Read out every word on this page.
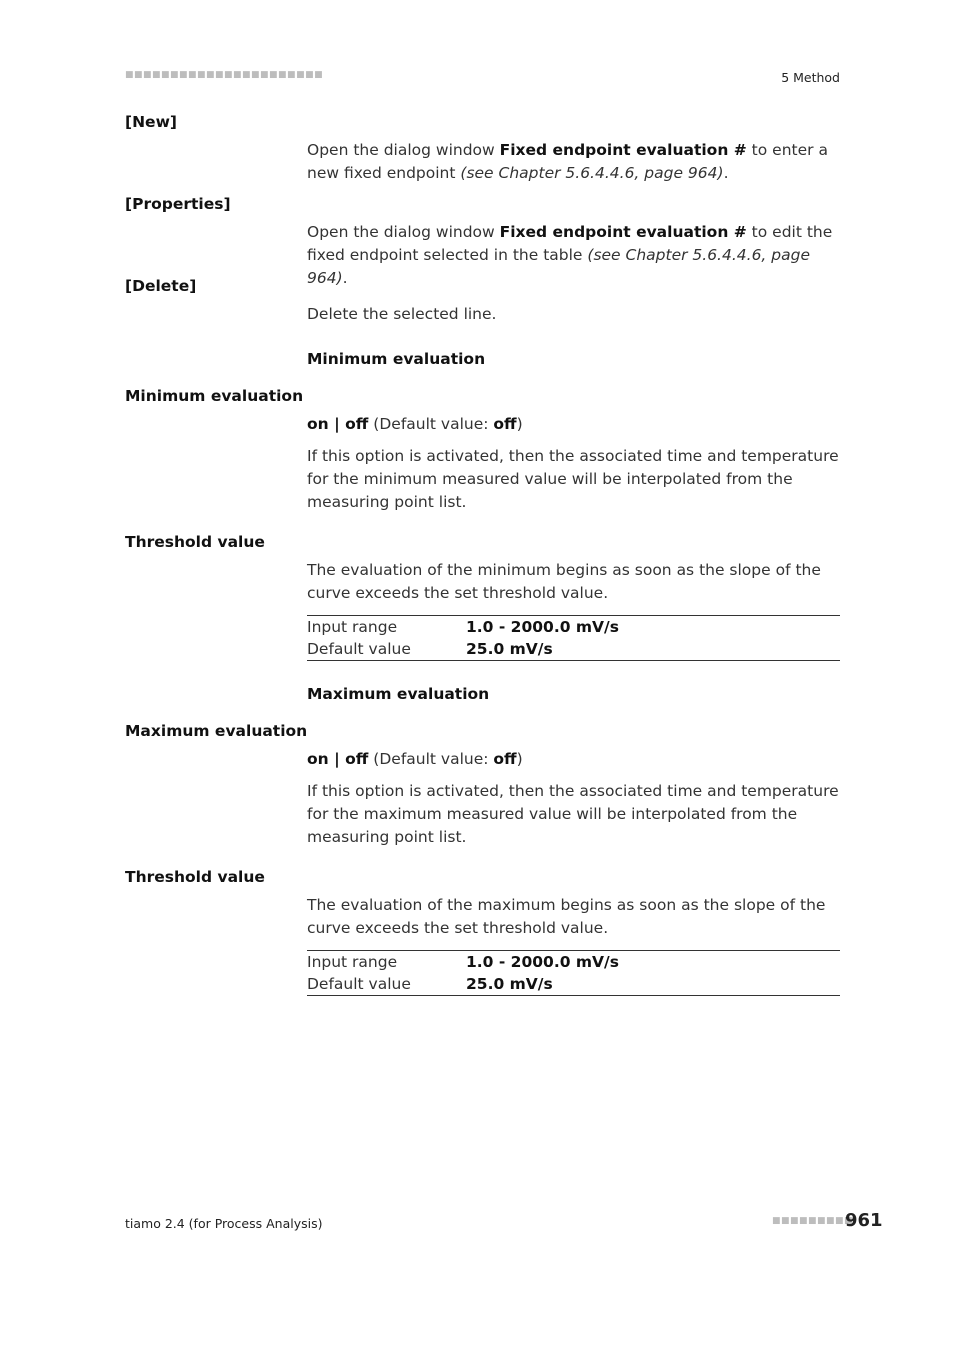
■■■■■■■■■■■■■■■■■■■■■■	5 Method
[New]
Open the dialog window Fixed endpoint evaluation # to enter a new fixed endpoint (see Chapter 5.6.4.4.6, page 964).
[Properties]
Open the dialog window Fixed endpoint evaluation # to edit the fixed endpoint selected in the table (see Chapter 5.6.4.4.6, page 964).
[Delete]
Delete the selected line.
Minimum evaluation
Minimum evaluation
on | off (Default value: off)
If this option is activated, then the associated time and temperature for the minimum measured value will be interpolated from the measuring point list.
Threshold value
The evaluation of the minimum begins as soon as the slope of the curve exceeds the set threshold value.
Input range	1.0 - 2000.0 mV/s
Default value	25.0 mV/s
Maximum evaluation
Maximum evaluation
on | off (Default value: off)
If this option is activated, then the associated time and temperature for the maximum measured value will be interpolated from the measuring point list.
Threshold value
The evaluation of the maximum begins as soon as the slope of the curve exceeds the set threshold value.
Input range	1.0 - 2000.0 mV/s
Default value	25.0 mV/s
tiamo 2.4 (for Process Analysis)	■■■■■■■■■
961
